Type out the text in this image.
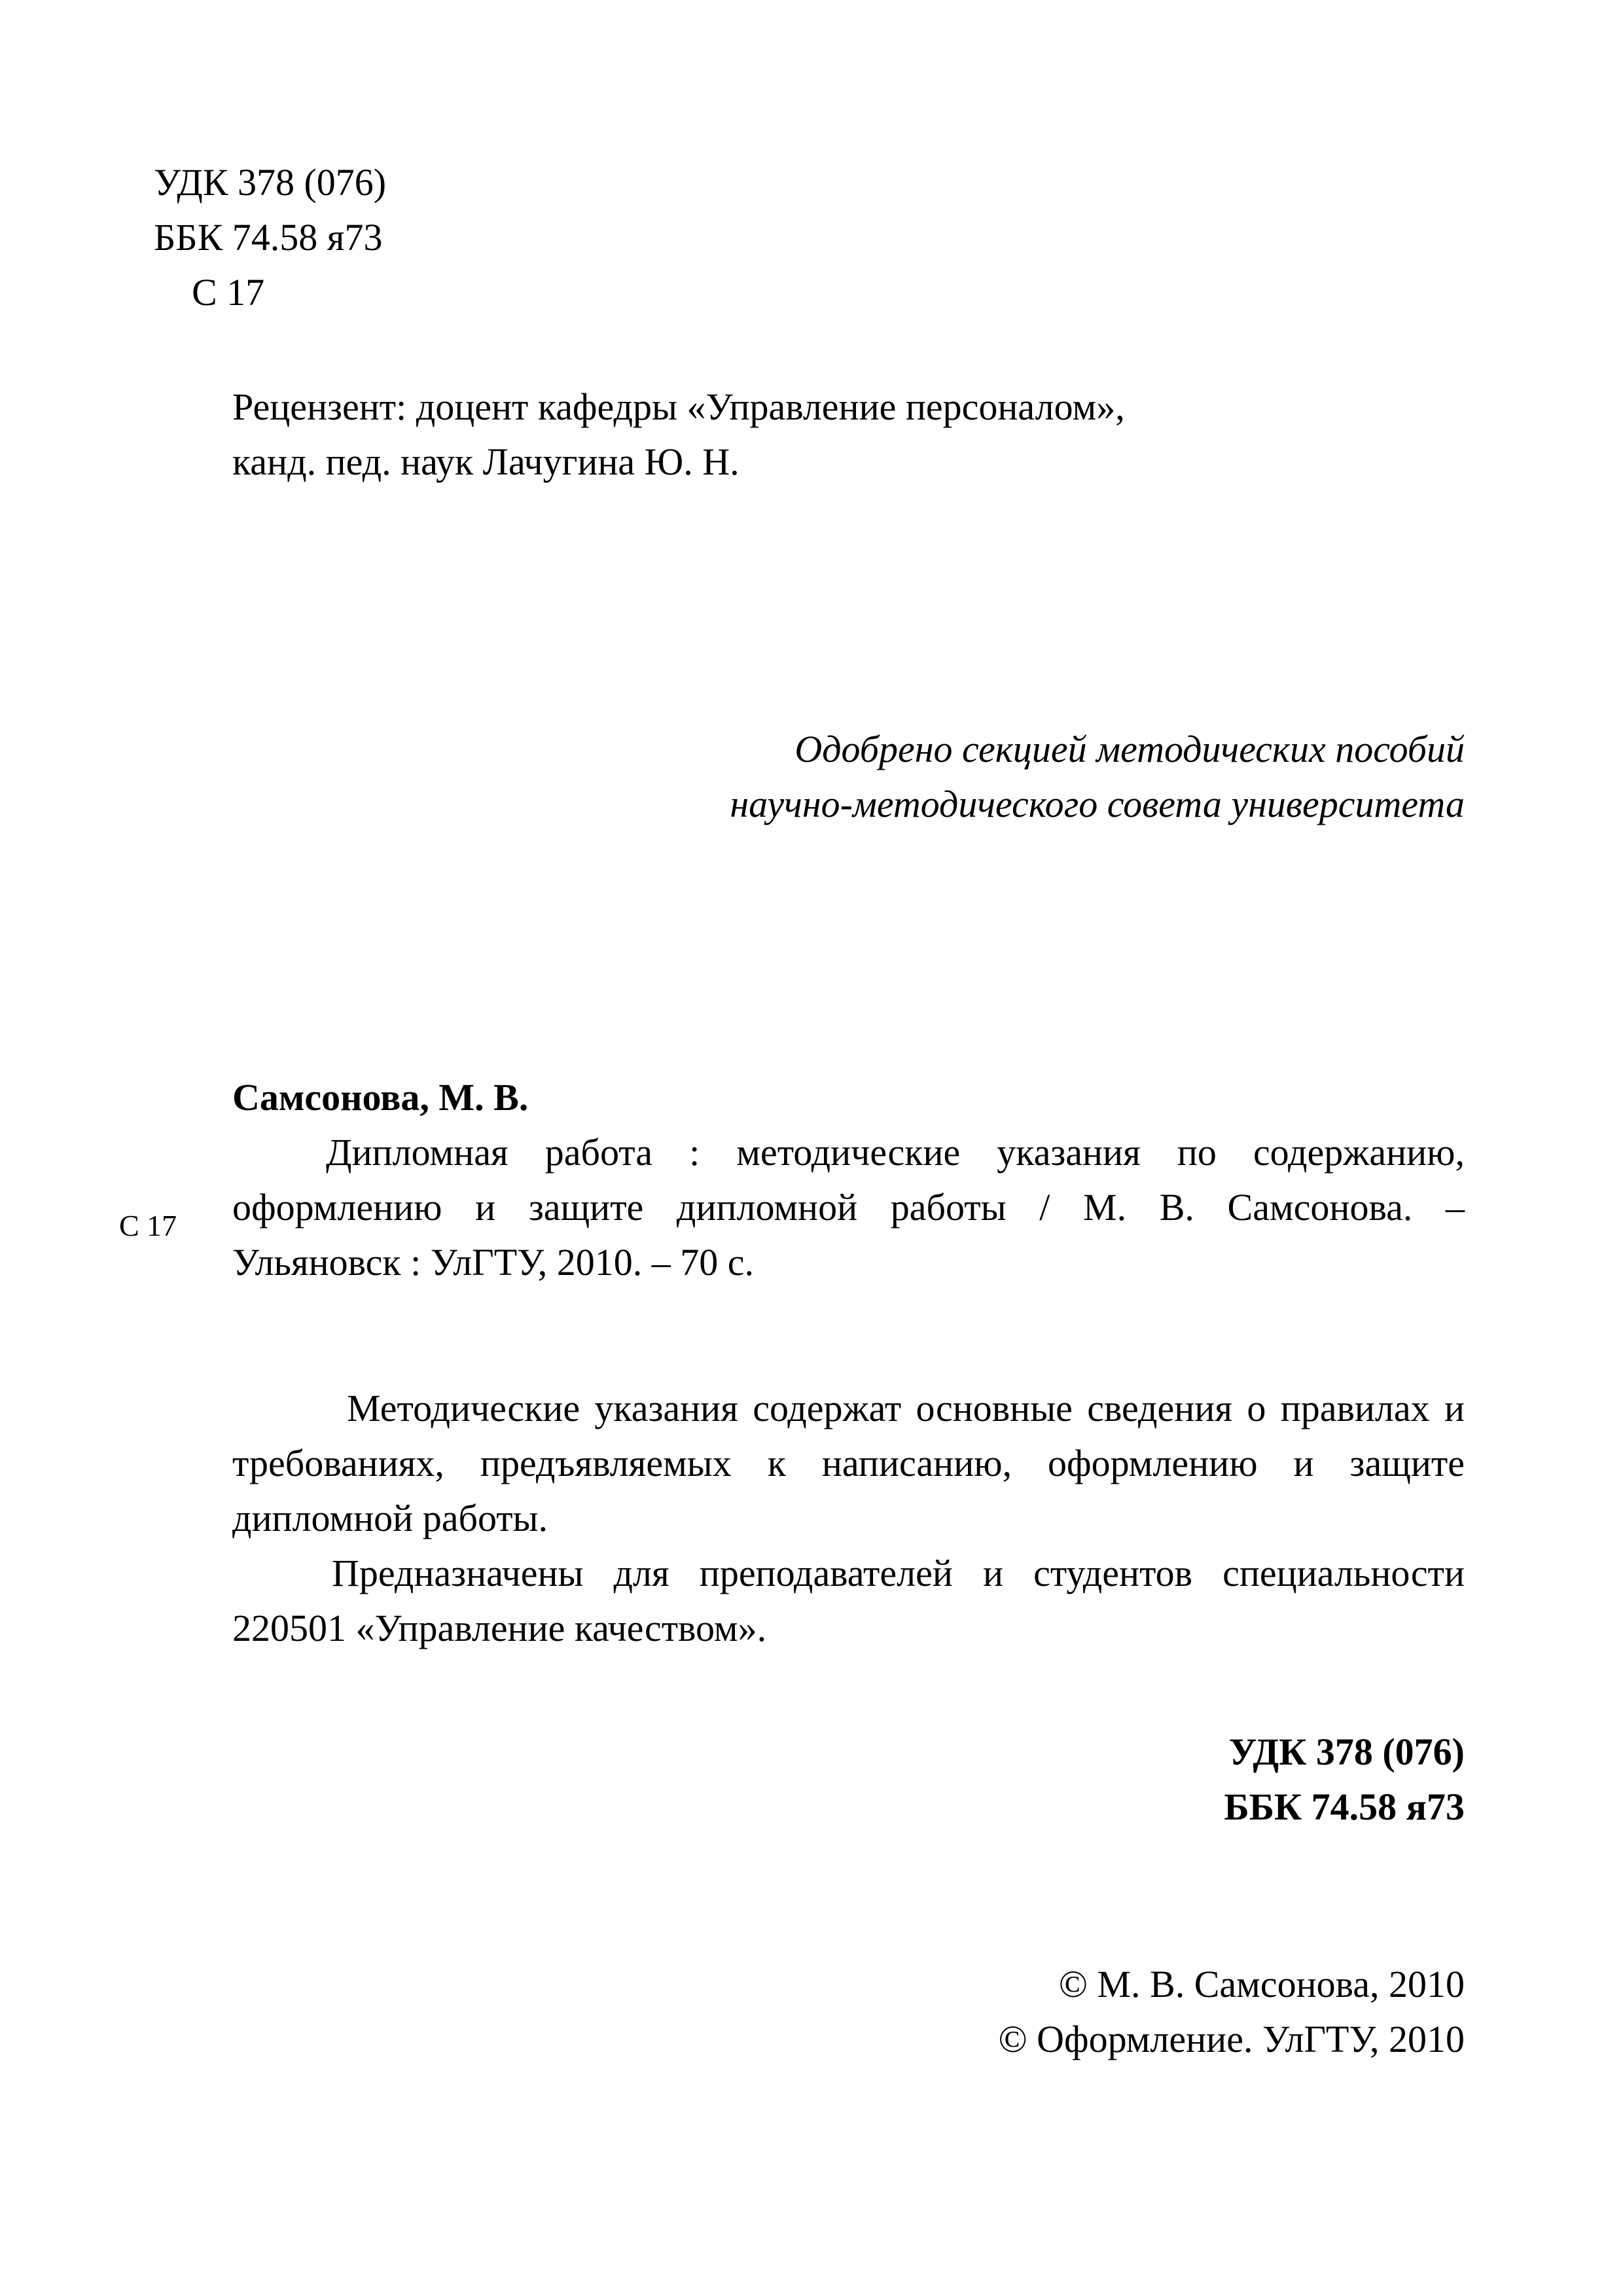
УДК 378 (076)

ББК 74.58 я73

С 17

Рецензент: доцент кафедры «Управление персоналом»,

канд. пед. наук Лачугина Ю. Н.

Одобрено секцией методических пособий

научно-методического совета университета

Самсонова, М. В.

Дипломная работа : методические указания по содержанию,
оформлению и защите дипломной работы / М. В. Самсонова. –
Ульяновск : УлГТУ, 2010. – 70 с.

С 17

Методические указания содержат основные сведения о правилах и
требованиях, предъявляемых к написанию, оформлению и защите
дипломной работы.
Предназначены для преподавателей и студентов специальности
220501 «Управление качеством».

УДК 378 (076)

ББК 74.58 я73

© М. В. Самсонова, 2010

© Оформление. УлГТУ, 2010
